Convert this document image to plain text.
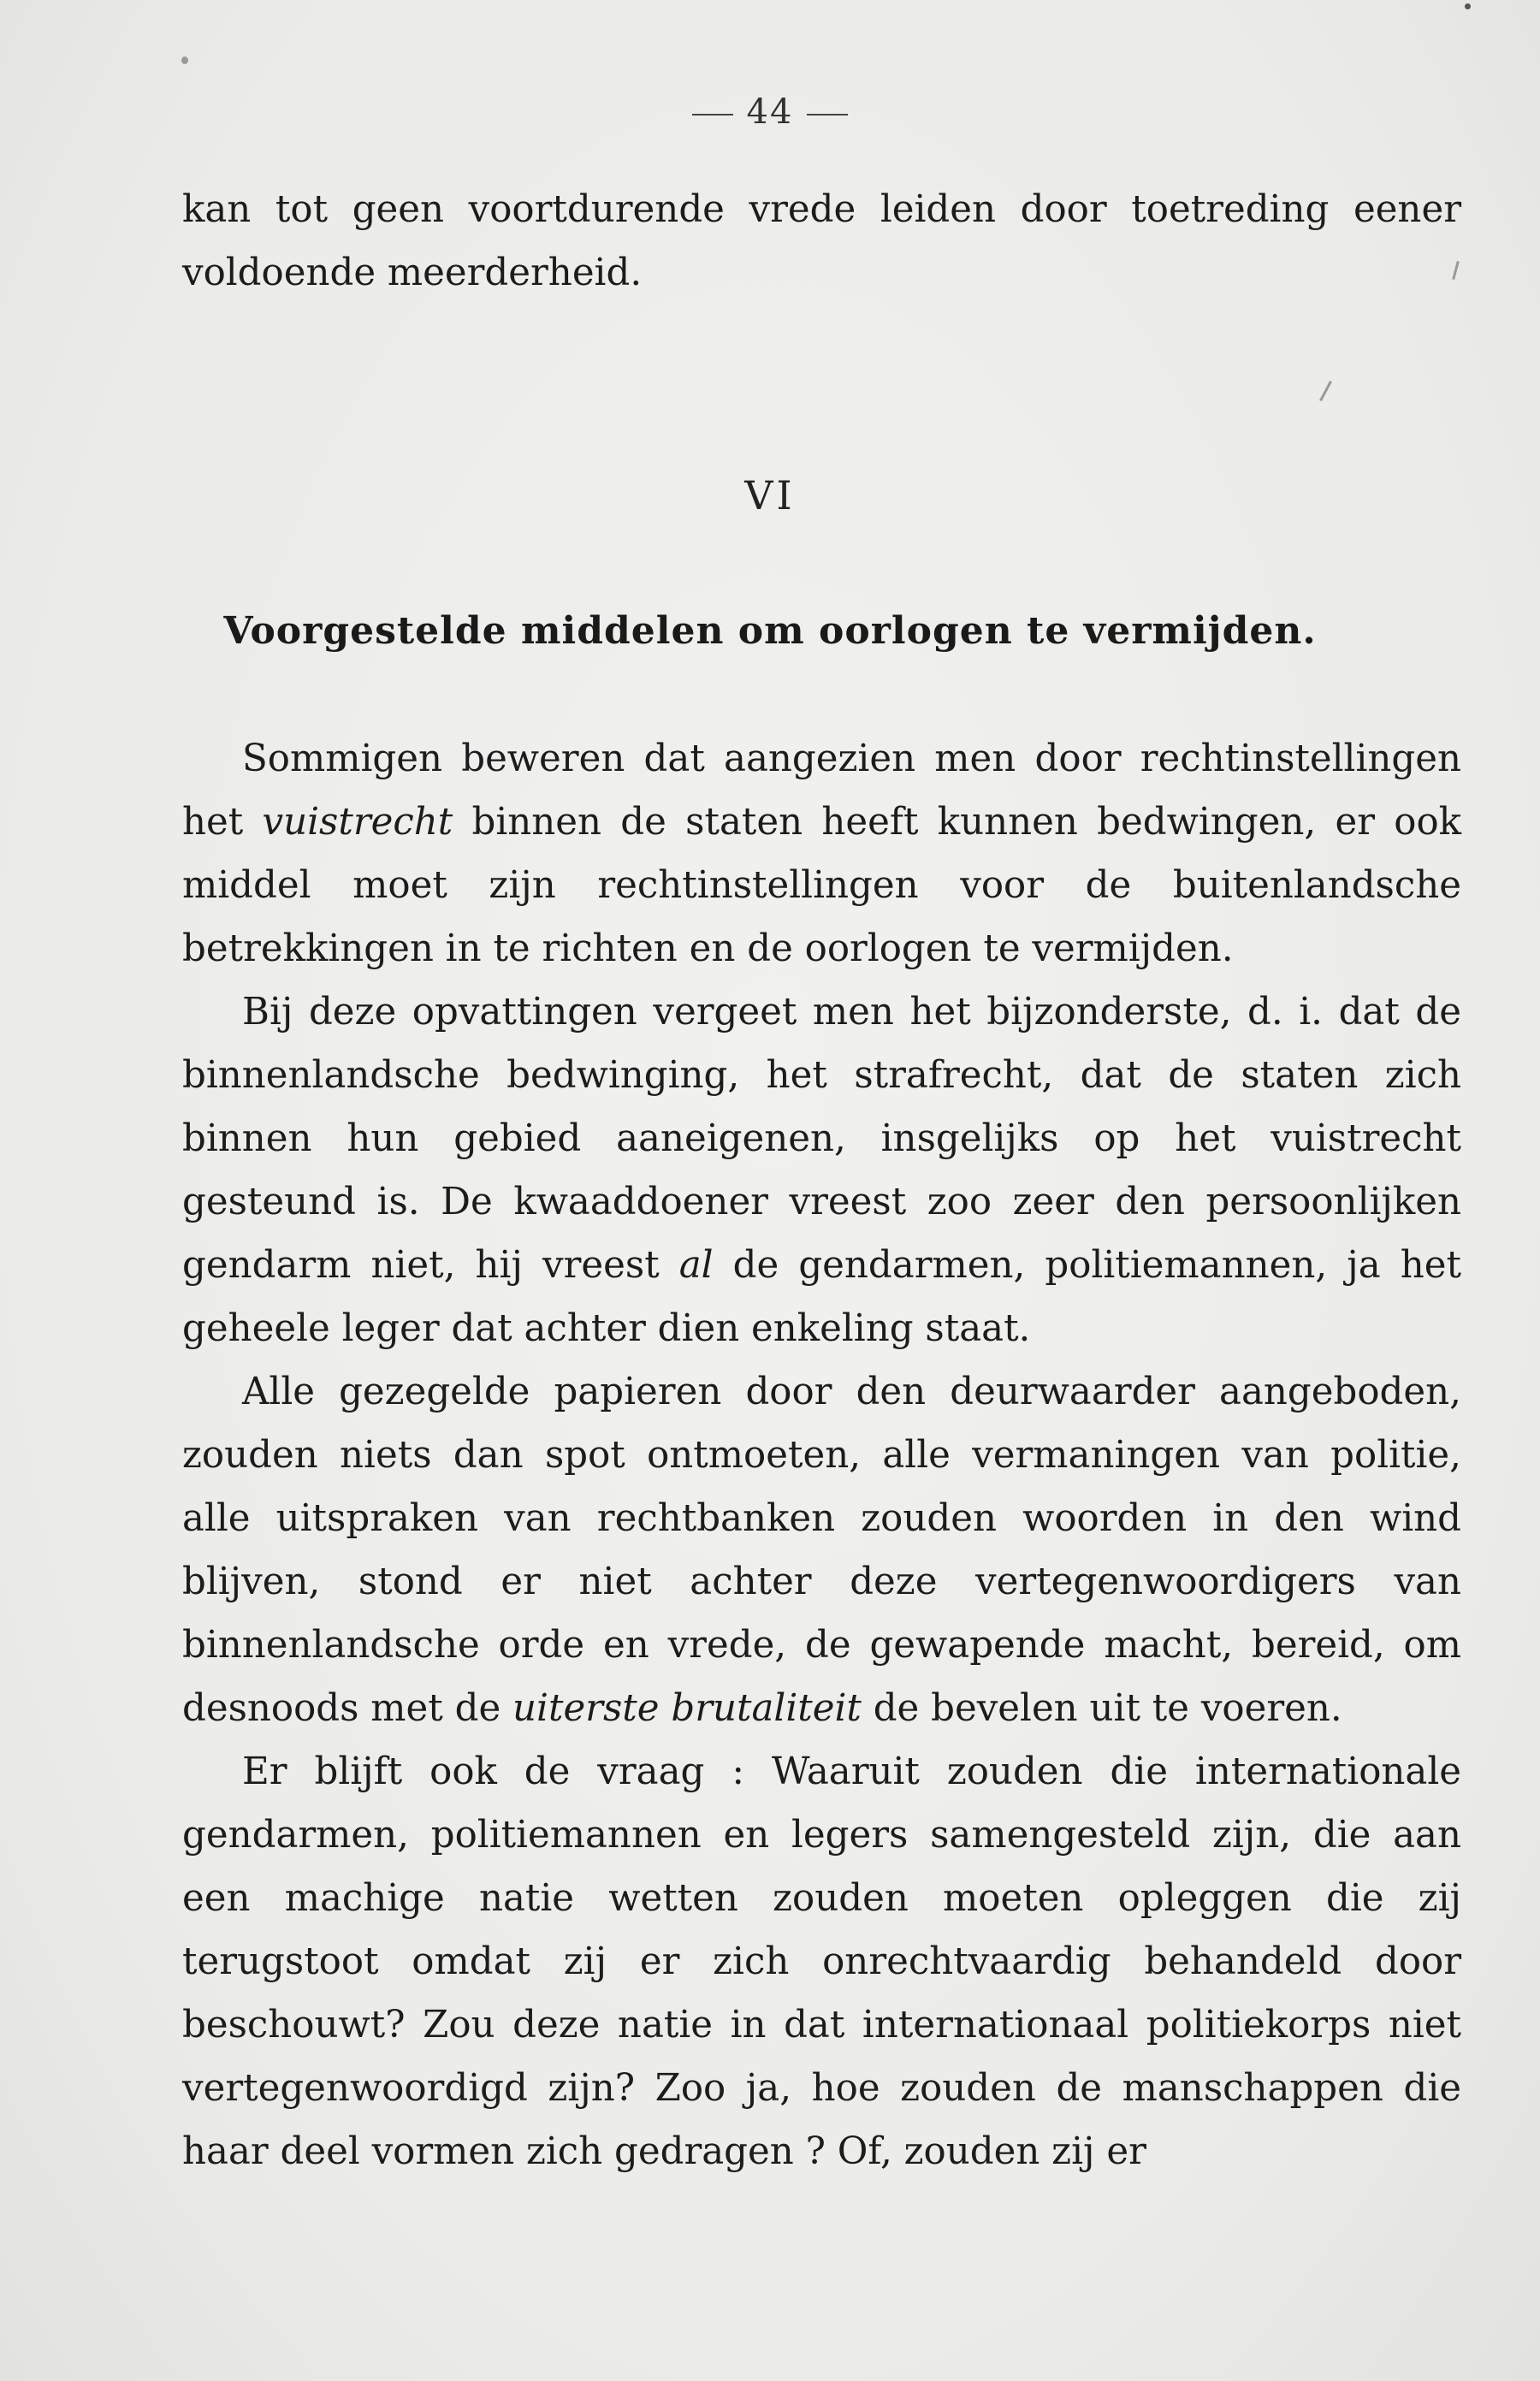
44

kan tot geen voortdurende vrede leiden door toetreding eener voldoende meerderheid.

VI
Voorgestelde middelen om oorlogen te vermijden.

Sommigen beweren dat aangezien men door rechtinstellingen het vuistrecht binnen de staten heeft kunnen bedwingen, er ook middel moet zijn rechtinstellingen voor de buitenlandsche betrekkingen in te richten en de oorlogen te vermijden.

Bij deze opvattingen vergeet men het bijzonderste, d. i. dat de binnenlandsche bedwinging, het strafrecht, dat de staten zich binnen hun gebied aaneigenen, insgelijks op het vuistrecht gesteund is. De kwaaddoener vreest zoo zeer den persoonlijken gendarm niet, hij vreest al de gendarmen, politiemannen, ja het geheele leger dat achter dien enkeling staat.

Alle gezegelde papieren door den deurwaarder aangeboden, zouden niets dan spot ontmoeten, alle vermaningen van politie, alle uitspraken van rechtbanken zouden woorden in den wind blijven, stond er niet achter deze vertegenwoordigers van binnenlandsche orde en vrede, de gewapende macht, bereid, om desnoods met de uiterste brutaliteit de bevelen uit te voeren.

Er blijft ook de vraag : Waaruit zouden die internationale gendarmen, politiemannen en legers samengesteld zijn, die aan een machige natie wetten zouden moeten opleggen die zij terugstoot omdat zij er zich onrechtvaardig behandeld door beschouwt? Zou deze natie in dat internationaal politiekorps niet vertegenwoordigd zijn? Zoo ja, hoe zouden de manschappen die haar deel vormen zich gedragen ? Of, zouden zij er
